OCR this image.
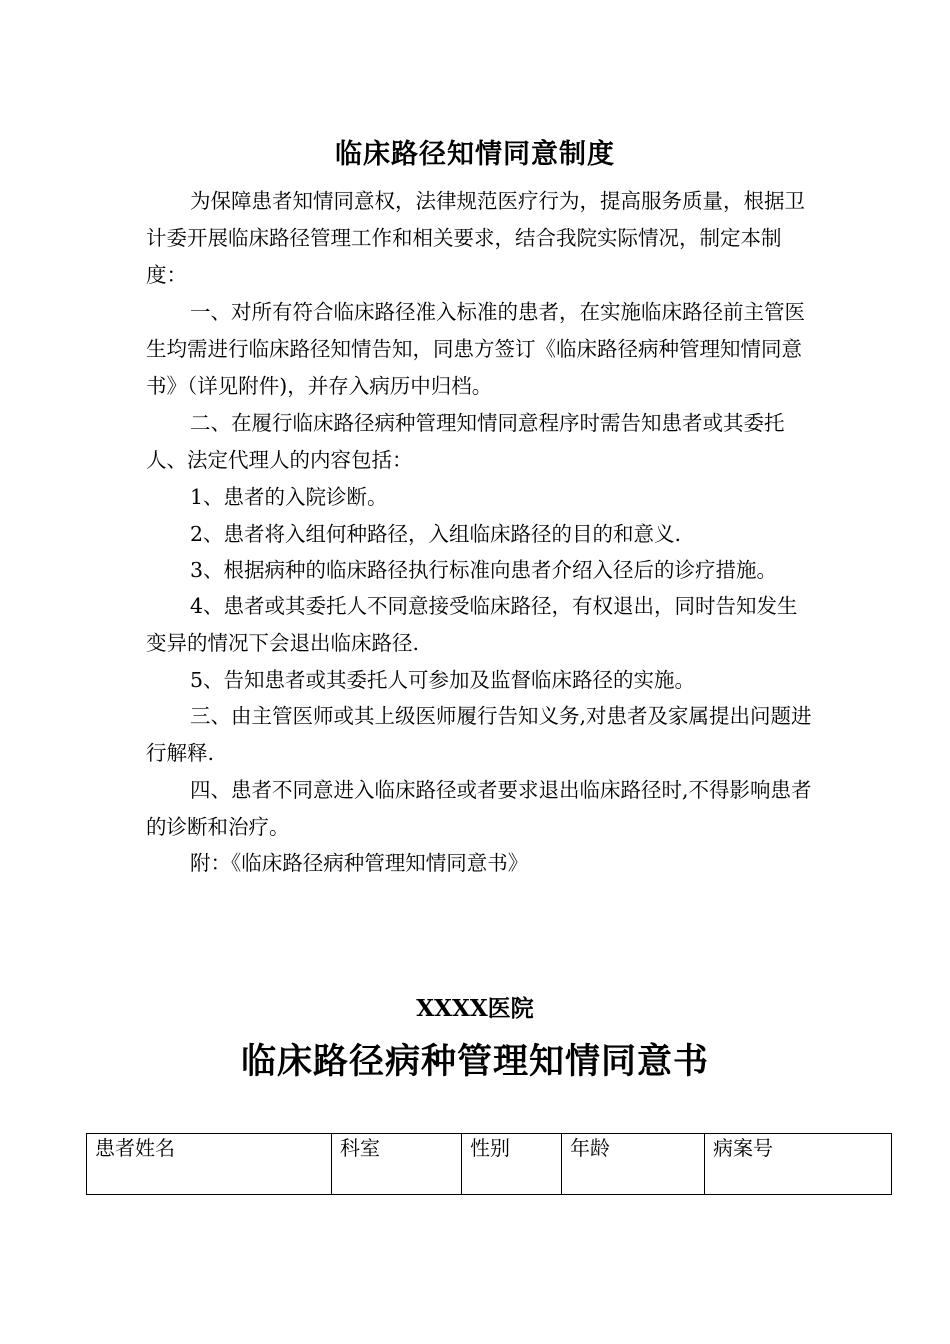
临床路径知情同意制度

为保障患者知情同意权，法律规范医疗行为，提高服务质量，根据卫计委开展临床路径管理工作和相关要求，结合我院实际情况，制定本制度：

一、对所有符合临床路径准入标准的患者，在实施临床路径前主管医生均需进行临床路径知情告知，同患方签订《临床路径病种管理知情同意书》（详见附件)，并存入病历中归档。

二、在履行临床路径病种管理知情同意程序时需告知患者或其委托人、法定代理人的内容包括：

1、患者的入院诊断。
2、患者将入组何种路径，入组临床路径的目的和意义.
3、根据病种的临床路径执行标准向患者介绍入径后的诊疗措施。

4、患者或其委托人不同意接受临床路径，有权退出，同时告知发生变异的情况下会退出临床路径.

5、告知患者或其委托人可参加及监督临床路径的实施。

三、由主管医师或其上级医师履行告知义务,对患者及家属提出问题进行解释.

四、患者不同意进入临床路径或者要求退出临床路径时,不得影响患者的诊断和治疗。

附：《临床路径病种管理知情同意书》
XXXX医院
临床路径病种管理知情同意书
患者姓名	科室	性别	年龄	病案号
